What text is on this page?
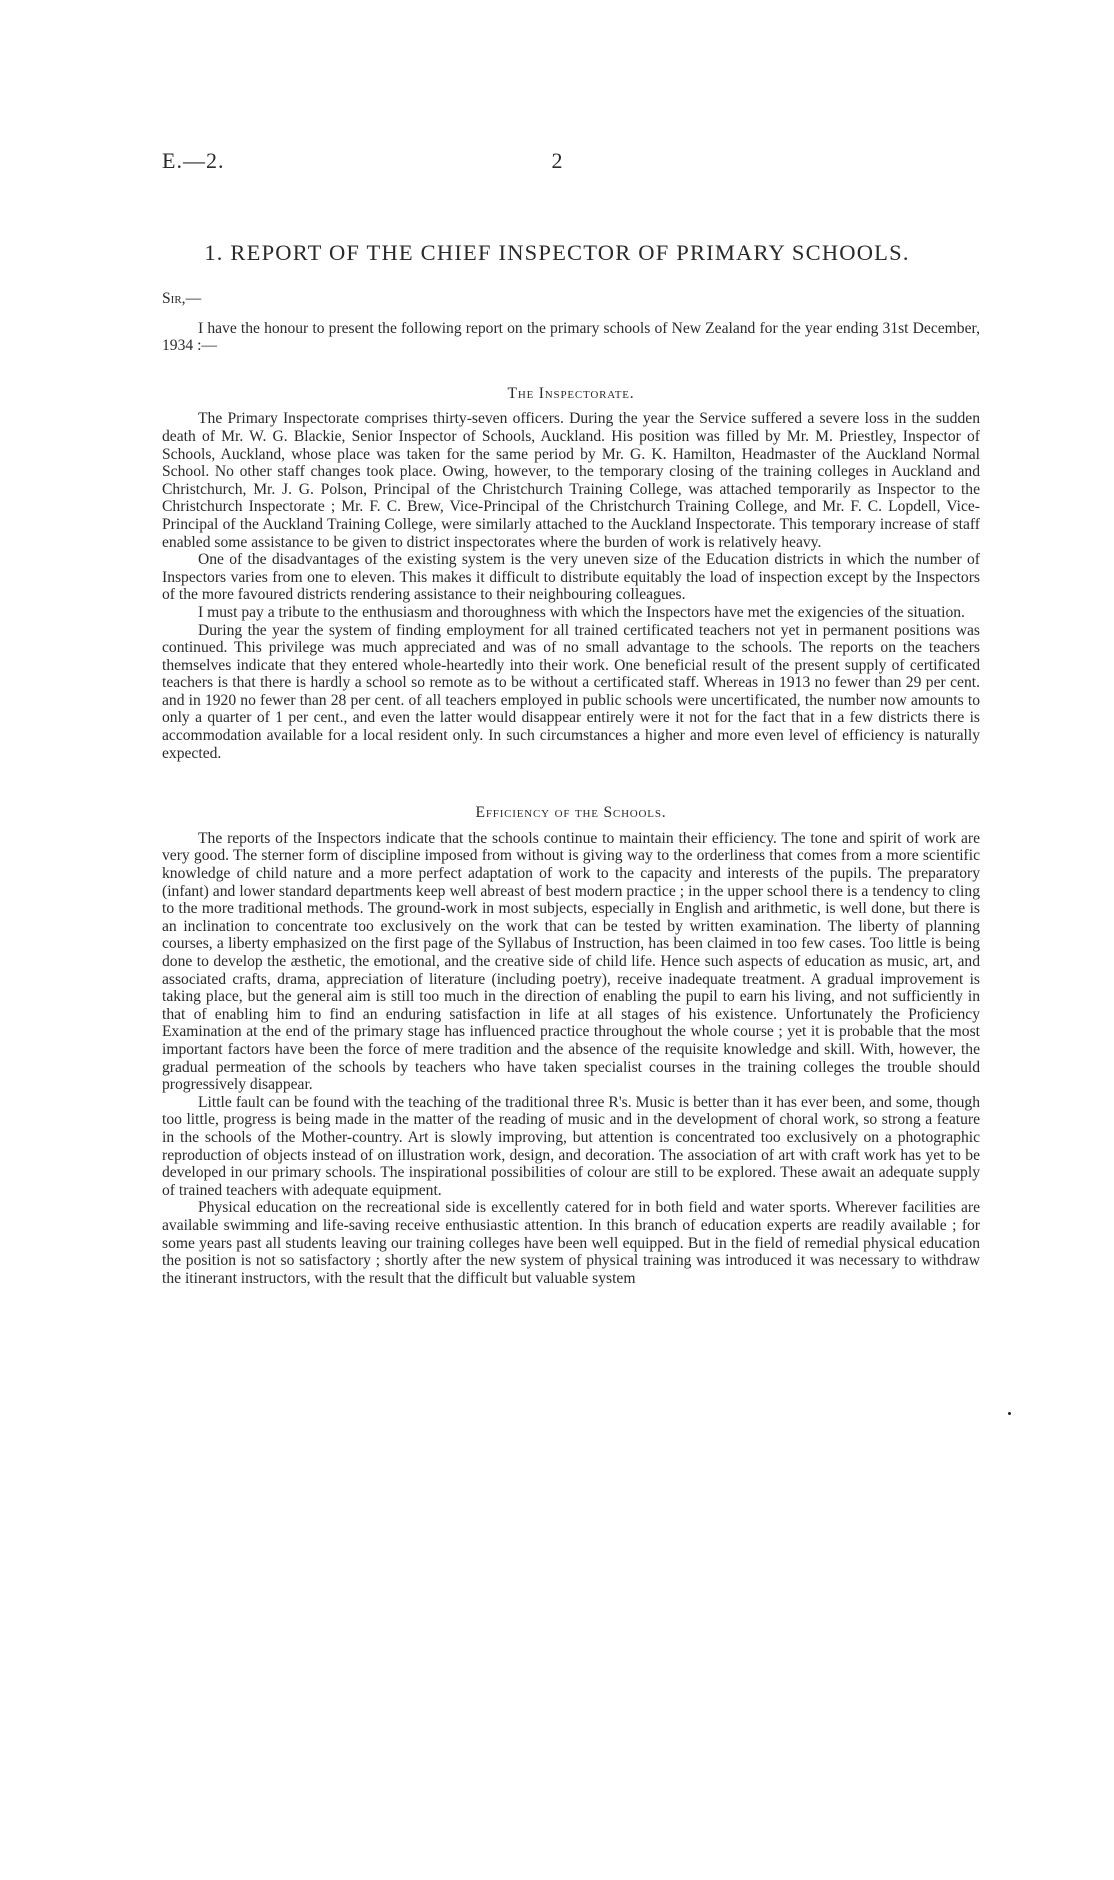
E.—2.	2
1. REPORT OF THE CHIEF INSPECTOR OF PRIMARY SCHOOLS.
Sir,—

I have the honour to present the following report on the primary schools of New Zealand for the year ending 31st December, 1934 :—

The Inspectorate.

The Primary Inspectorate comprises thirty-seven officers. During the year the Service suffered a severe loss in the sudden death of Mr. W. G. Blackie, Senior Inspector of Schools, Auckland. His position was filled by Mr. M. Priestley, Inspector of Schools, Auckland, whose place was taken for the same period by Mr. G. K. Hamilton, Headmaster of the Auckland Normal School. No other staff changes took place. Owing, however, to the temporary closing of the training colleges in Auckland and Christchurch, Mr. J. G. Polson, Principal of the Christchurch Training College, was attached temporarily as Inspector to the Christchurch Inspectorate ; Mr. F. C. Brew, Vice-Principal of the Christchurch Training College, and Mr. F. C. Lopdell, Vice-Principal of the Auckland Training College, were similarly attached to the Auckland Inspectorate. This temporary increase of staff enabled some assistance to be given to district inspectorates where the burden of work is relatively heavy.

One of the disadvantages of the existing system is the very uneven size of the Education districts in which the number of Inspectors varies from one to eleven. This makes it difficult to distribute equitably the load of inspection except by the Inspectors of the more favoured districts rendering assistance to their neighbouring colleagues.

I must pay a tribute to the enthusiasm and thoroughness with which the Inspectors have met the exigencies of the situation.

During the year the system of finding employment for all trained certificated teachers not yet in permanent positions was continued. This privilege was much appreciated and was of no small advantage to the schools. The reports on the teachers themselves indicate that they entered whole-heartedly into their work. One beneficial result of the present supply of certificated teachers is that there is hardly a school so remote as to be without a certificated staff. Whereas in 1913 no fewer than 29 per cent. and in 1920 no fewer than 28 per cent. of all teachers employed in public schools were uncertificated, the number now amounts to only a quarter of 1 per cent., and even the latter would disappear entirely were it not for the fact that in a few districts there is accommodation available for a local resident only. In such circumstances a higher and more even level of efficiency is naturally expected.

Efficiency of the Schools.

The reports of the Inspectors indicate that the schools continue to maintain their efficiency. The tone and spirit of work are very good. The sterner form of discipline imposed from without is giving way to the orderliness that comes from a more scientific knowledge of child nature and a more perfect adaptation of work to the capacity and interests of the pupils. The preparatory (infant) and lower standard departments keep well abreast of best modern practice ; in the upper school there is a tendency to cling to the more traditional methods. The ground-work in most subjects, especially in English and arithmetic, is well done, but there is an inclination to concentrate too exclusively on the work that can be tested by written examination. The liberty of planning courses, a liberty emphasized on the first page of the Syllabus of Instruction, has been claimed in too few cases. Too little is being done to develop the æsthetic, the emotional, and the creative side of child life. Hence such aspects of education as music, art, and associated crafts, drama, appreciation of literature (including poetry), receive inadequate treatment. A gradual improvement is taking place, but the general aim is still too much in the direction of enabling the pupil to earn his living, and not sufficiently in that of enabling him to find an enduring satisfaction in life at all stages of his existence. Unfortunately the Proficiency Examination at the end of the primary stage has influenced practice throughout the whole course ; yet it is probable that the most important factors have been the force of mere tradition and the absence of the requisite knowledge and skill. With, however, the gradual permeation of the schools by teachers who have taken specialist courses in the training colleges the trouble should progressively disappear.

Little fault can be found with the teaching of the traditional three R's. Music is better than it has ever been, and some, though too little, progress is being made in the matter of the reading of music and in the development of choral work, so strong a feature in the schools of the Mother-country. Art is slowly improving, but attention is concentrated too exclusively on a photographic reproduction of objects instead of on illustration work, design, and decoration. The association of art with craft work has yet to be developed in our primary schools. The inspirational possibilities of colour are still to be explored. These await an adequate supply of trained teachers with adequate equipment.

Physical education on the recreational side is excellently catered for in both field and water sports. Wherever facilities are available swimming and life-saving receive enthusiastic attention. In this branch of education experts are readily available ; for some years past all students leaving our training colleges have been well equipped. But in the field of remedial physical education the position is not so satisfactory ; shortly after the new system of physical training was introduced it was necessary to withdraw the itinerant instructors, with the result that the difficult but valuable system
